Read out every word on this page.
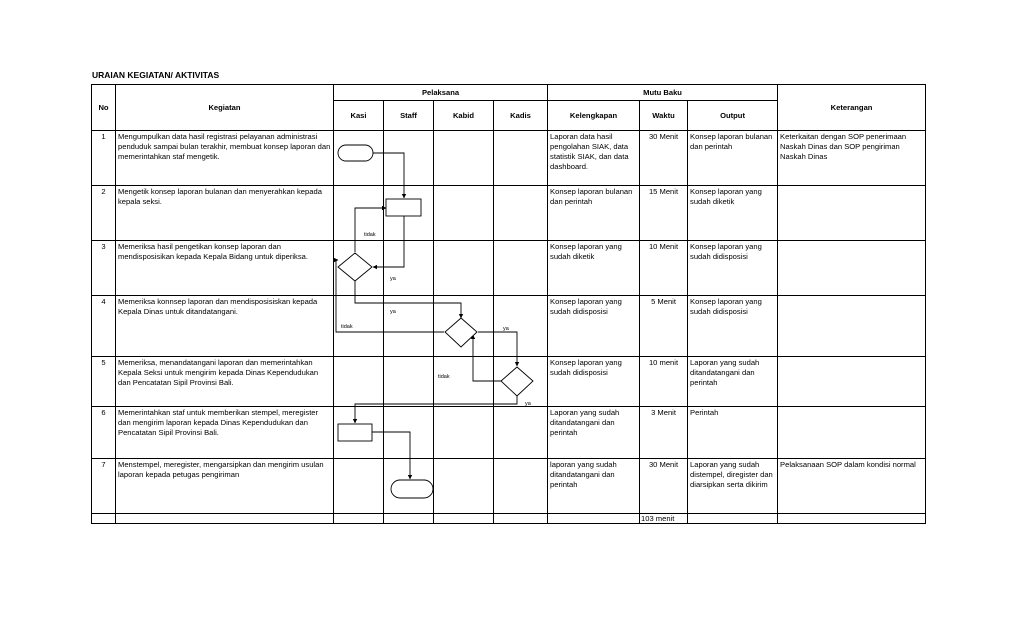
URAIAN KEGIATAN/ AKTIVITAS
No	Kegiatan	Pelaksana				Mutu Baku			Keterangan
		Kasi	Staff	Kabid	Kadis	Kelengkapan	Waktu	Output	
1	Mengumpulkan data hasil registrasi pelayanan administrasi penduduk sampai bulan terakhir, membuat konsep laporan dan memerintahkan staf mengetik.					Laporan data hasil pengolahan SIAK, data statistik SIAK, dan data dashboard.	30 Menit	Konsep laporan bulanan dan perintah	Keterkaitan dengan SOP penerimaan Naskah Dinas dan SOP pengiriman Naskah Dinas
2	Mengetik konsep laporan bulanan dan menyerahkan kepada kepala seksi.					Konsep laporan bulanan dan perintah	15 Menit	Konsep laporan yang sudah diketik	
3	Memeriksa hasil pengetikan konsep laporan dan mendisposisikan kepada Kepala Bidang untuk diperiksa.					Konsep laporan yang sudah diketik	10 Menit	Konsep laporan yang sudah didisposisi	
4	Memeriksa konnsep laporan dan mendisposisiskan kepada Kepala Dinas untuk ditandatangani.					Konsep laporan yang sudah didisposisi	5 Menit	Konsep laporan yang sudah didisposisi	
5	Memeriksa, menandatangani laporan dan memerintahkan Kepala Seksi untuk mengirim kepada Dinas Kependudukan dan Pencatatan Sipil Provinsi Bali.					Konsep laporan yang sudah didisposisi	10 menit	Laporan yang sudah ditandatangani dan perintah	
6	Memerintahkan staf untuk memberikan stempel, meregister dan mengirim laporan kepada Dinas Kependudukan dan Pencatatan Sipil Provinsi Bali.					Laporan yang sudah ditandatangani dan perintah	3 Menit	Perintah	
7	Menstempel, meregister, mengarsipkan dan mengirim usulan laporan kepada petugas pengiriman					laporan yang sudah ditandatangani dan perintah	30 Menit	Laporan yang sudah distempel, diregister dan diarsipkan serta dikirim	Pelaksanaan SOP dalam kondisi normal
							103 menit		
tidak
ya
ya
tidak	ya
tidak
ya
